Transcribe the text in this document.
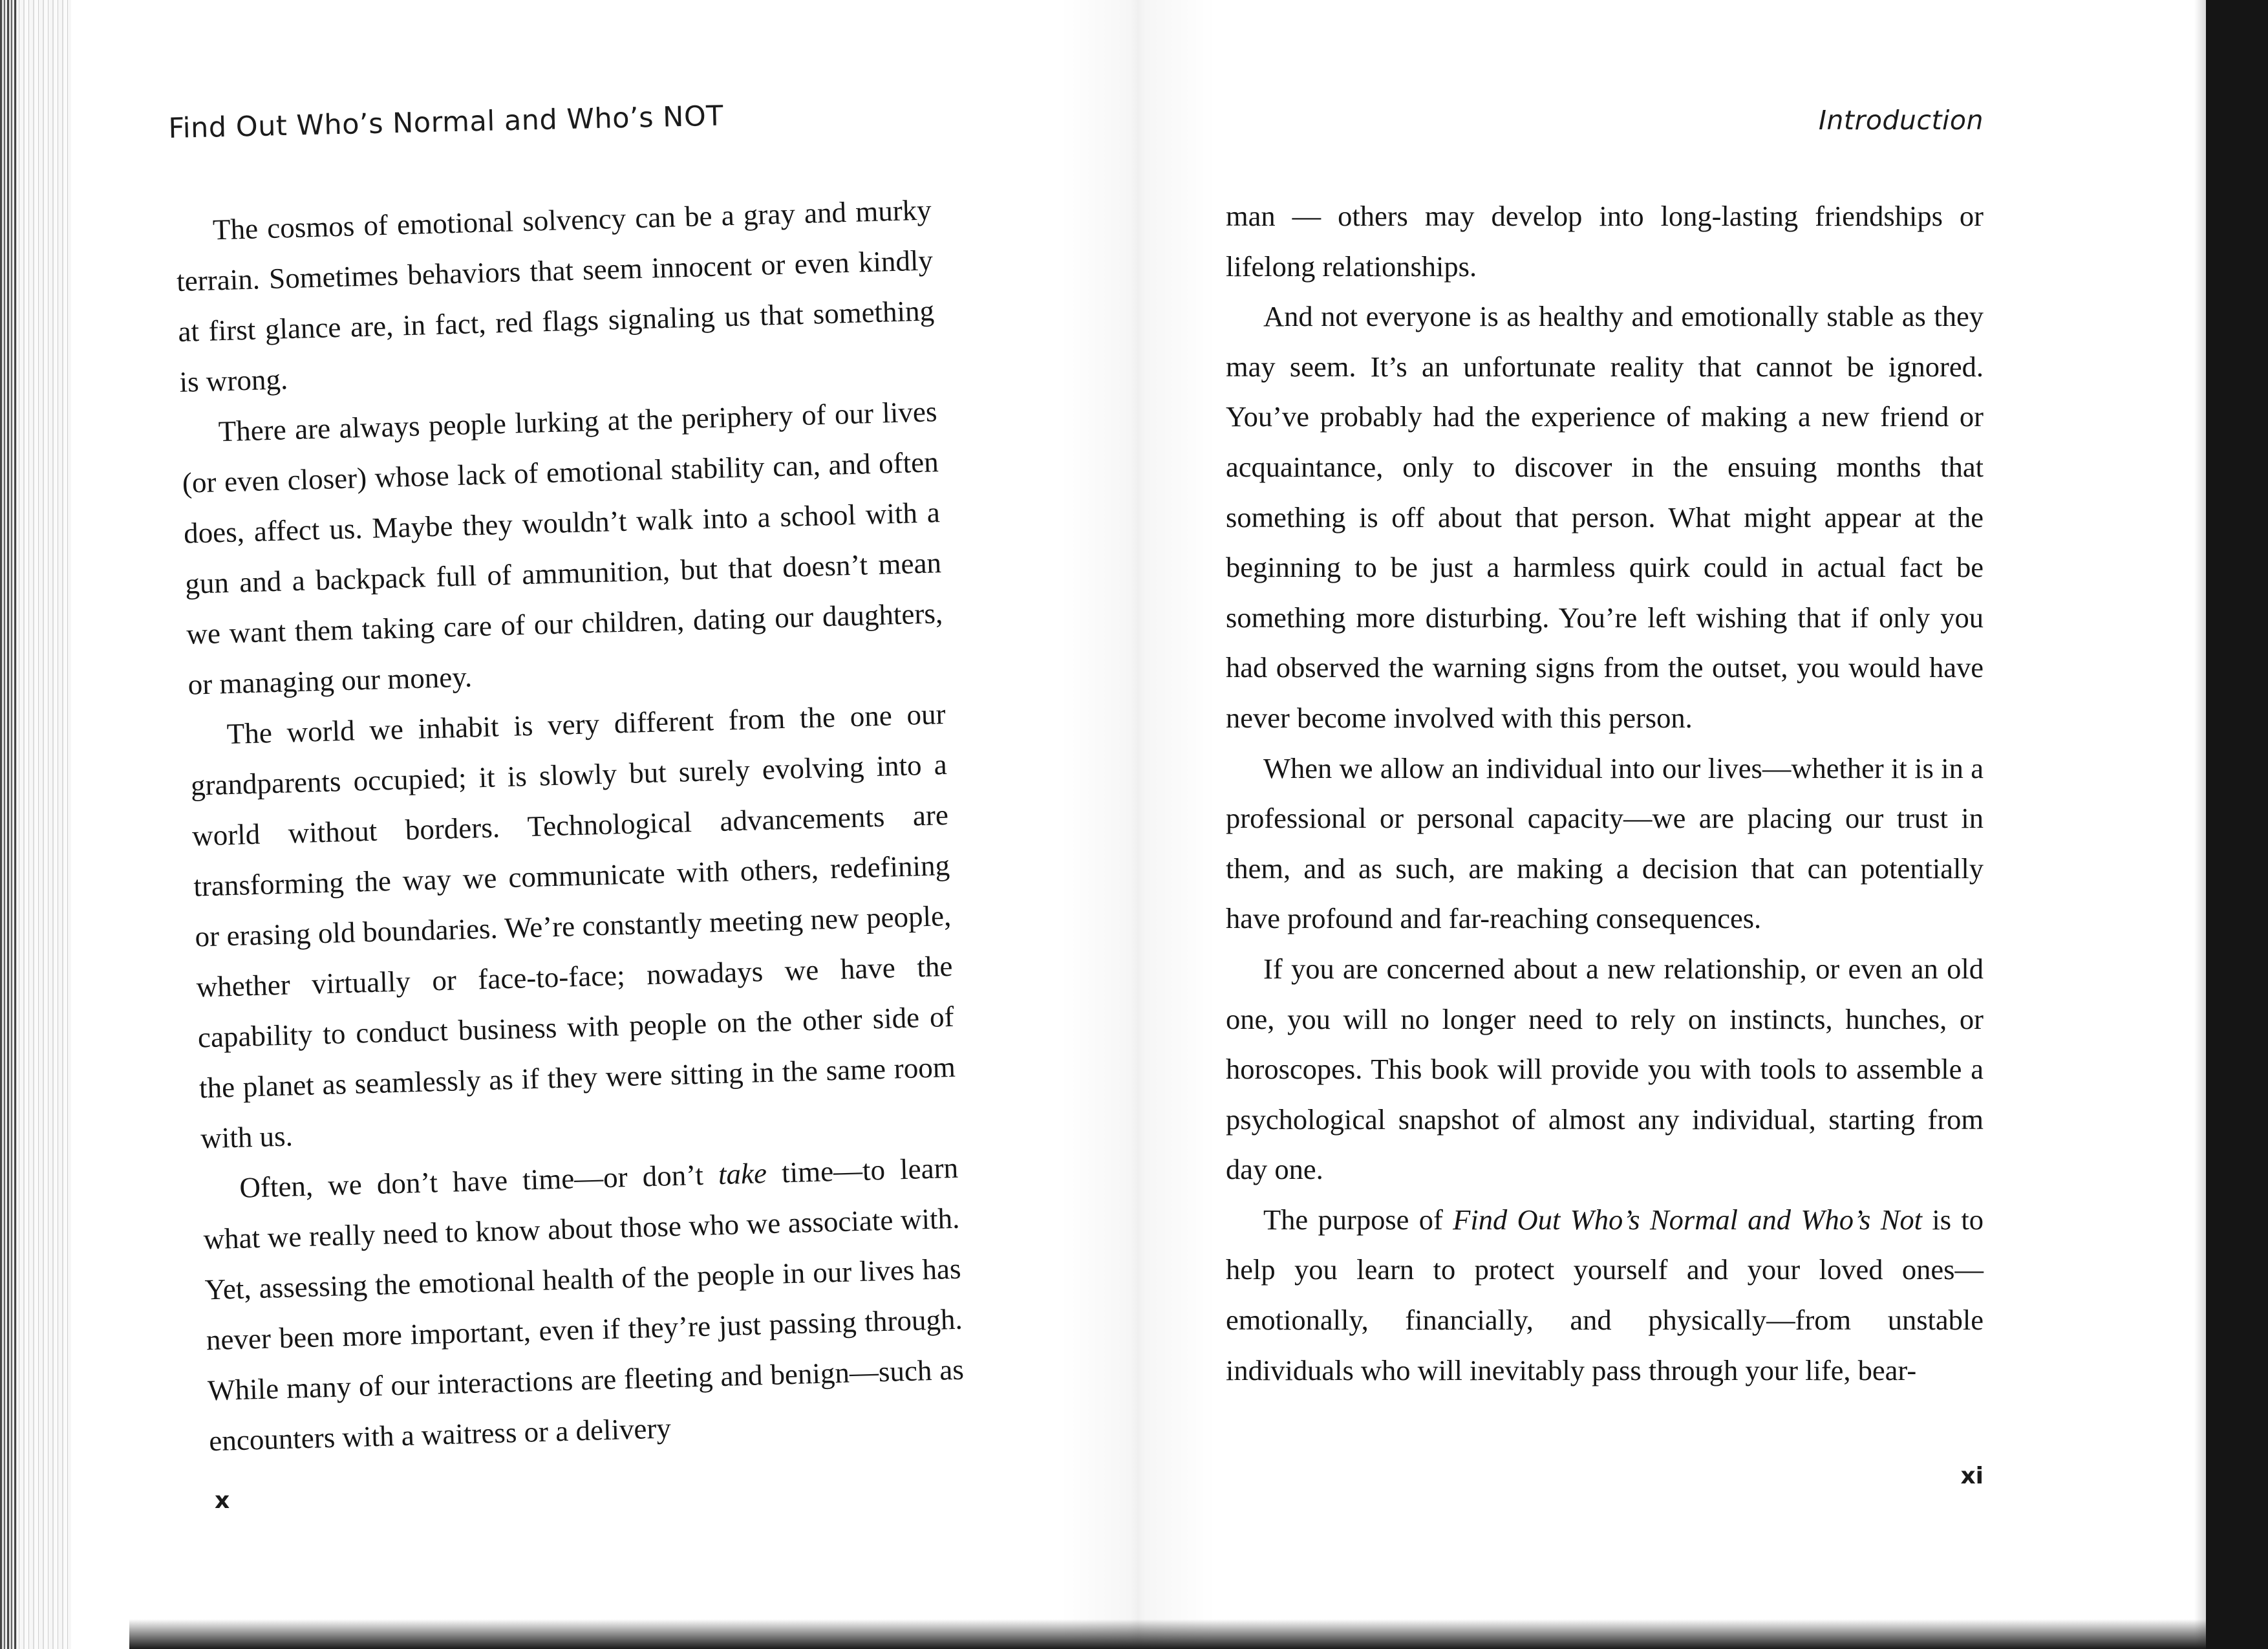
Find Out Who’s Normal and Who’s NOT

The cosmos of emotional solvency can be a gray and murky terrain. Sometimes behaviors that seem innocent or even kindly at first glance are, in fact, red flags signaling us that something is wrong.

There are always people lurking at the periphery of our lives (or even closer) whose lack of emotional stability can, and often does, affect us. Maybe they wouldn’t walk into a school with a gun and a backpack full of ammunition, but that doesn’t mean we want them taking care of our children, dating our daughters, or managing our money.

The world we inhabit is very different from the one our grandparents occupied; it is slowly but surely evolving into a world without borders. Technological advancements are transforming the way we communicate with others, redefining or erasing old boundaries. We’re constantly meeting new people, whether virtually or face-to-face; nowadays we have the capability to conduct business with people on the other side of the planet as seamlessly as if they were sitting in the same room with us.

Often, we don’t have time—or don’t take time—to learn what we really need to know about those who we associate with. Yet, assessing the emotional health of the people in our lives has never been more important, even if they’re just passing through. While many of our interactions are fleeting and benign—such as encounters with a waitress or a delivery

x
Introduction

man — others may develop into long-lasting friendships or lifelong relationships.

And not everyone is as healthy and emotionally stable as they may seem. It’s an unfortunate reality that cannot be ignored. You’ve probably had the experience of making a new friend or acquaintance, only to discover in the ensuing months that something is off about that person. What might appear at the beginning to be just a harmless quirk could in actual fact be something more disturbing. You’re left wishing that if only you had observed the warning signs from the outset, you would have never become involved with this person.

When we allow an individual into our lives—whether it is in a professional or personal capacity—we are placing our trust in them, and as such, are making a decision that can potentially have profound and far-reaching consequences.

If you are concerned about a new relationship, or even an old one, you will no longer need to rely on instincts, hunches, or horoscopes. This book will provide you with tools to assemble a psychological snapshot of almost any individual, starting from day one.

The purpose of Find Out Who’s Normal and Who’s Not is to help you learn to protect yourself and your loved ones—emotionally, financially, and physically—from unstable individuals who will inevitably pass through your life, bear-

xi
